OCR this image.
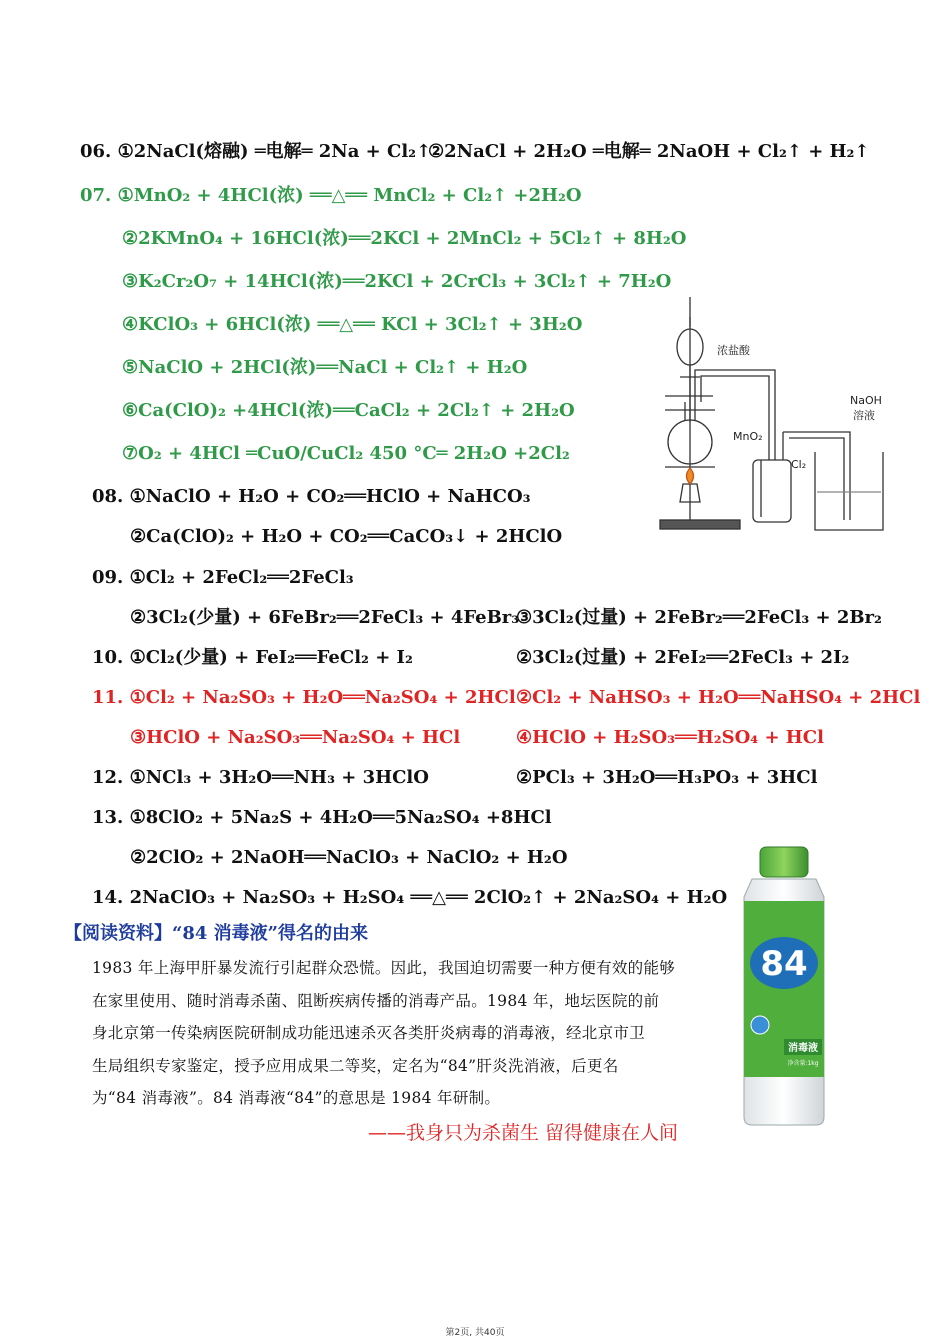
06. ①2NaCl(熔融) ═电解═ 2Na + Cl₂↑
②2NaCl + 2H₂O ═电解═ 2NaOH + Cl₂↑ + H₂↑
07. ①MnO₂ + 4HCl(浓) ══△══ MnCl₂ + Cl₂↑ +2H₂O
②2KMnO₄ + 16HCl(浓)══2KCl + 2MnCl₂ + 5Cl₂↑ + 8H₂O
③K₂Cr₂O₇ + 14HCl(浓)══2KCl + 2CrCl₃ + 3Cl₂↑ + 7H₂O
④KClO₃ + 6HCl(浓) ══△══ KCl + 3Cl₂↑ + 3H₂O
⑤NaClO + 2HCl(浓)══NaCl + Cl₂↑ + H₂O
⑥Ca(ClO)₂ +4HCl(浓)══CaCl₂ + 2Cl₂↑ + 2H₂O
⑦O₂ + 4HCl ═CuO/CuCl₂ 450 °C═ 2H₂O +2Cl₂
08. ①NaClO + H₂O + CO₂══HClO + NaHCO₃
②Ca(ClO)₂ + H₂O + CO₂══CaCO₃↓ + 2HClO
09. ①Cl₂ + 2FeCl₂══2FeCl₃
②3Cl₂(少量) + 6FeBr₂══2FeCl₃ + 4FeBr₃
③3Cl₂(过量) + 2FeBr₂══2FeCl₃ + 2Br₂
10. ①Cl₂(少量) + FeI₂══FeCl₂ + I₂	②3Cl₂(过量) + 2FeI₂══2FeCl₃ + 2I₂
11. ①Cl₂ + Na₂SO₃ + H₂O══Na₂SO₄ + 2HCl ②Cl₂ + NaHSO₃ + H₂O══NaHSO₄ + 2HCl
③HClO + Na₂SO₃══Na₂SO₄ + HCl	④HClO + H₂SO₃══H₂SO₄ + HCl
12. ①NCl₃ + 3H₂O══NH₃ + 3HClO	②PCl₃ + 3H₂O══H₃PO₃ + 3HCl
13. ①8ClO₂ + 5Na₂S + 4H₂O══5Na₂SO₄ +8HCl
②2ClO₂ + 2NaOH══NaClO₃ + NaClO₂ + H₂O
14. 2NaClO₃ + Na₂SO₃ + H₂SO₄ ══△══ 2ClO₂↑ + 2Na₂SO₄ + H₂O
【阅读资料】“84 消毒液”得名的由来

1983 年上海甲肝暴发流行引起群众恐慌。因此，我国迫切需要一种方便有效的能够

在家里使用、随时消毒杀菌、阻断疾病传播的消毒产品。1984 年，地坛医院的前

身北京第一传染病医院研制成功能迅速杀灭各类肝炎病毒的消毒液，经北京市卫

生局组织专家鉴定，授予应用成果二等奖，定名为“84”肝炎洗消液，后更名

为“84 消毒液”。84 消毒液“84”的意思是 1984 年研制。

——我身只为杀菌生 留得健康在人间
浓盐酸
MnO₂
Cl₂
NaOH
溶液
84
消毒液
净含量:1kg
第2页, 共40页
